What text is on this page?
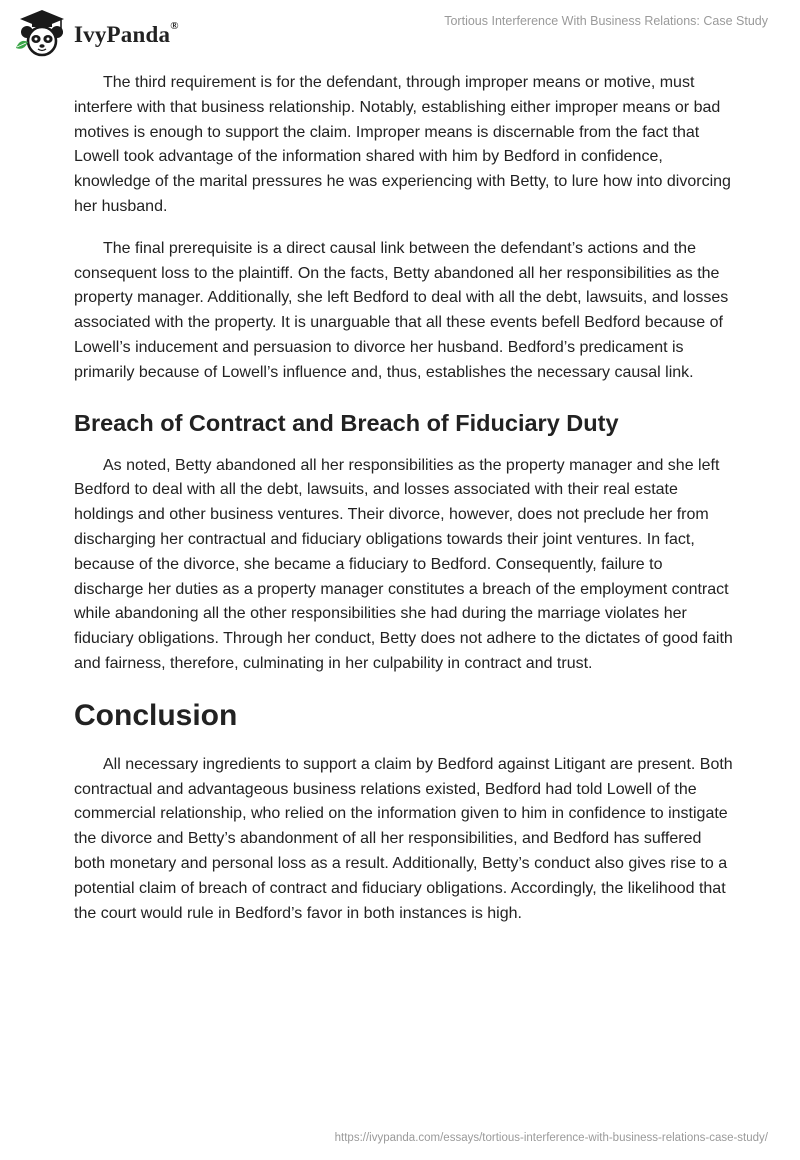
IvyPanda®	Tortious Interference With Business Relations: Case Study

The third requirement is for the defendant, through improper means or motive, must interfere with that business relationship. Notably, establishing either improper means or bad motives is enough to support the claim. Improper means is discernable from the fact that Lowell took advantage of the information shared with him by Bedford in confidence, knowledge of the marital pressures he was experiencing with Betty, to lure how into divorcing her husband.

The final prerequisite is a direct causal link between the defendant’s actions and the consequent loss to the plaintiff. On the facts, Betty abandoned all her responsibilities as the property manager. Additionally, she left Bedford to deal with all the debt, lawsuits, and losses associated with the property. It is unarguable that all these events befell Bedford because of Lowell’s inducement and persuasion to divorce her husband. Bedford’s predicament is primarily because of Lowell’s influence and, thus, establishes the necessary causal link.

Breach of Contract and Breach of Fiduciary Duty

As noted, Betty abandoned all her responsibilities as the property manager and she left Bedford to deal with all the debt, lawsuits, and losses associated with their real estate holdings and other business ventures. Their divorce, however, does not preclude her from discharging her contractual and fiduciary obligations towards their joint ventures. In fact, because of the divorce, she became a fiduciary to Bedford. Consequently, failure to discharge her duties as a property manager constitutes a breach of the employment contract while abandoning all the other responsibilities she had during the marriage violates her fiduciary obligations. Through her conduct, Betty does not adhere to the dictates of good faith and fairness, therefore, culminating in her culpability in contract and trust.

Conclusion

All necessary ingredients to support a claim by Bedford against Litigant are present. Both contractual and advantageous business relations existed, Bedford had told Lowell of the commercial relationship, who relied on the information given to him in confidence to instigate the divorce and Betty’s abandonment of all her responsibilities, and Bedford has suffered both monetary and personal loss as a result. Additionally, Betty’s conduct also gives rise to a potential claim of breach of contract and fiduciary obligations. Accordingly, the likelihood that the court would rule in Bedford’s favor in both instances is high.

https://ivypanda.com/essays/tortious-interference-with-business-relations-case-study/
